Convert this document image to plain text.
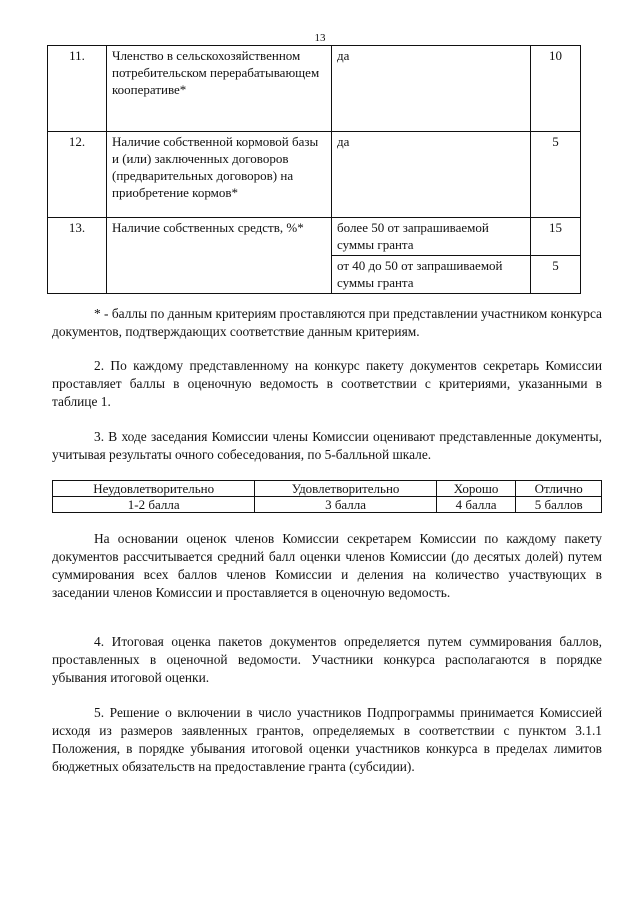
13
11.	Членство в сельскохозяйственном потребительском перерабатывающем кооперативе*	да	10
12.	Наличие собственной кормовой базы и (или) заключенных договоров (предварительных договоров) на приобретение кормов*	да	5
13.	Наличие собственных средств, %*	более 50 от запрашиваемой суммы гранта	15
		от 40 до 50 от запрашиваемой суммы гранта	5
* - баллы по данным критериям проставляются при представлении участником конкурса документов, подтверждающих соответствие данным критериям.
2. По каждому представленному на конкурс пакету документов секретарь Комиссии проставляет баллы в оценочную ведомость в соответствии с критериями, указанными в таблице 1.
3. В ходе заседания Комиссии члены Комиссии оценивают представленные документы, учитывая результаты очного собеседования, по 5-балльной шкале.
Неудовлетворительно	Удовлетворительно	Хорошо	Отлично
1-2 балла	3 балла	4 балла	5 баллов
На основании оценок членов Комиссии секретарем Комиссии по каждому пакету документов рассчитывается средний балл оценки членов Комиссии (до десятых долей) путем суммирования всех баллов членов Комиссии и деления на количество участвующих в заседании членов Комиссии и проставляется в оценочную ведомость.
4. Итоговая оценка пакетов документов определяется путем суммирования баллов, проставленных в оценочной ведомости. Участники конкурса располагаются в порядке убывания итоговой оценки.
5. Решение о включении в число участников Подпрограммы принимается Комиссией исходя из размеров заявленных грантов, определяемых в соответствии с пунктом 3.1.1 Положения, в порядке убывания итоговой оценки участников конкурса в пределах лимитов бюджетных обязательств на предоставление гранта (субсидии).
